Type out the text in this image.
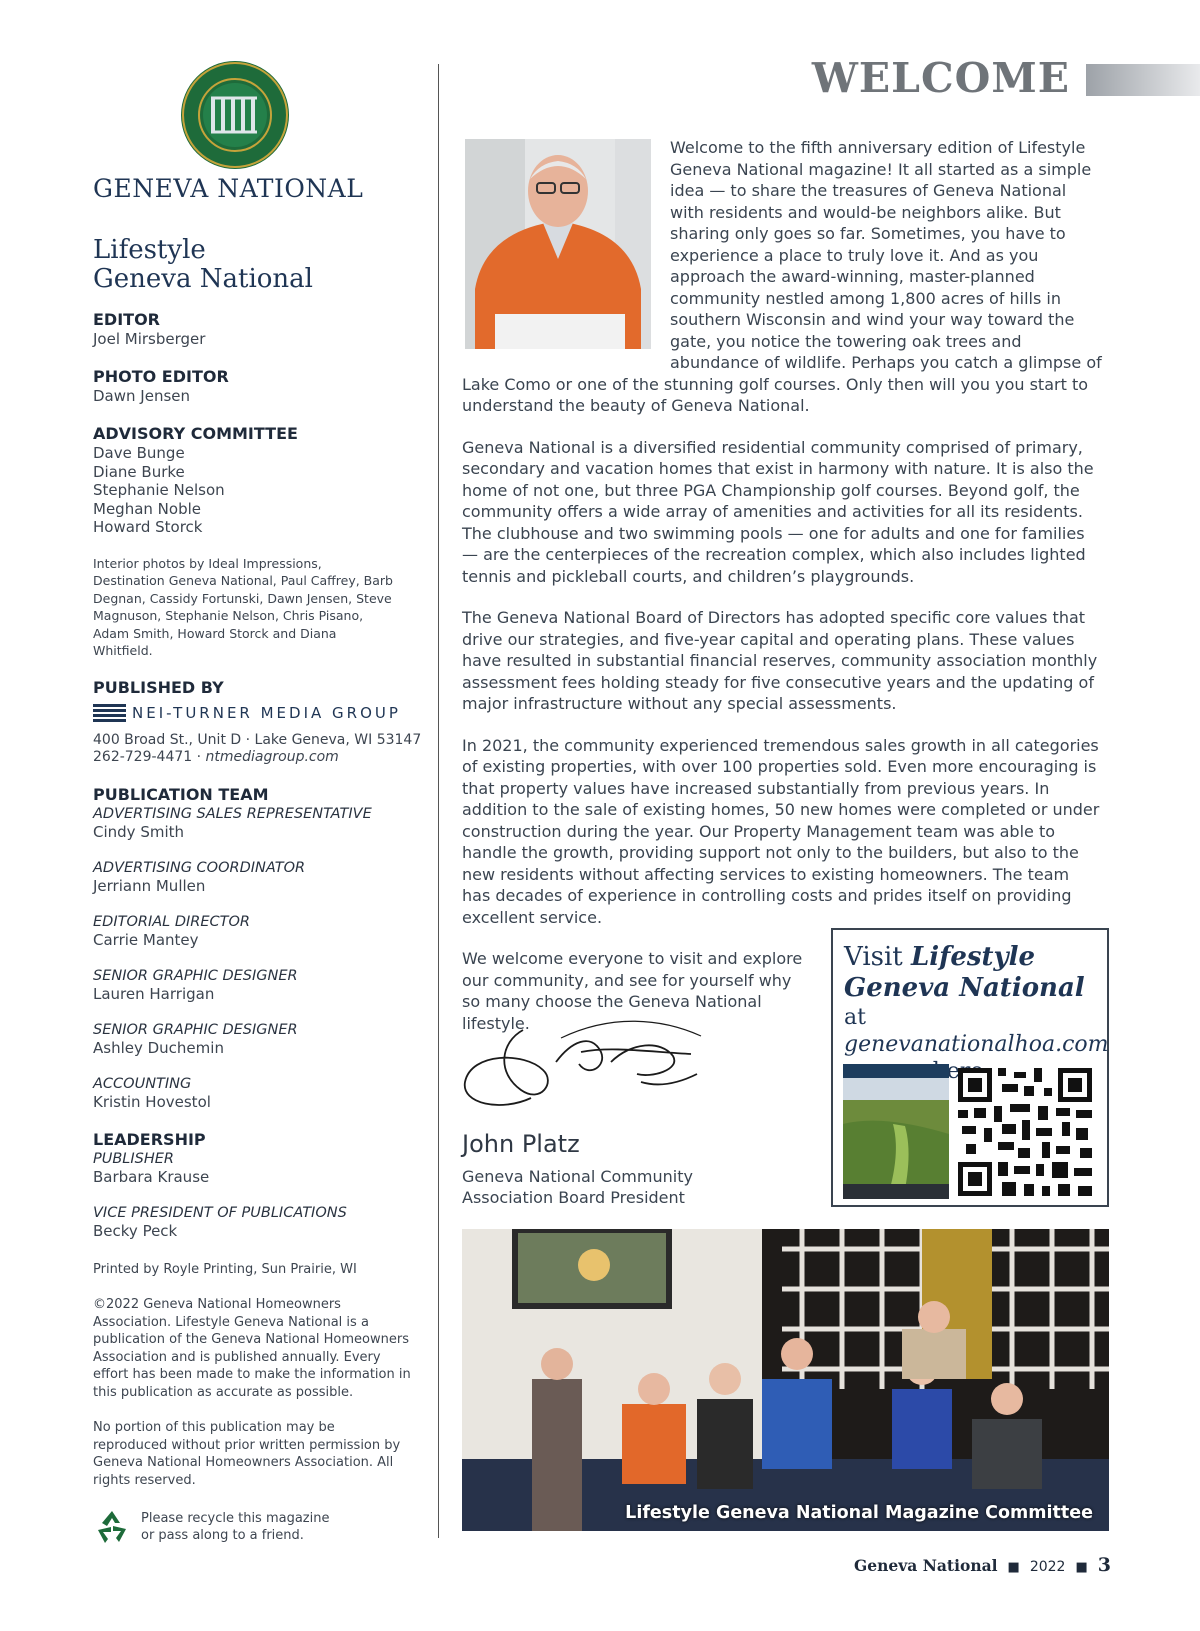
GENEVA NATIONAL
Lifestyle
Geneva National
EDITOR
Joel Mirsberger
PHOTO EDITOR
Dawn Jensen
ADVISORY COMMITTEE
Dave Bunge
Diane Burke
Stephanie Nelson
Meghan Noble
Howard Storck
Interior photos by Ideal Impressions, Destination Geneva National, Paul Caffrey, Barb Degnan, Cassidy Fortunski, Dawn Jensen, Steve Magnuson, Stephanie Nelson, Chris Pisano, Adam Smith, Howard Storck and Diana Whitfield.
PUBLISHED BY
NEI-TURNER MEDIA GROUP
400 Broad St., Unit D · Lake Geneva, WI 53147
262-729-4471 · ntmediagroup.com
PUBLICATION TEAM
ADVERTISING SALES REPRESENTATIVE
Cindy Smith
ADVERTISING COORDINATOR
Jerriann Mullen
EDITORIAL DIRECTOR
Carrie Mantey
SENIOR GRAPHIC DESIGNER
Lauren Harrigan
SENIOR GRAPHIC DESIGNER
Ashley Duchemin
ACCOUNTING
Kristin Hovestol
LEADERSHIP
PUBLISHER
Barbara Krause
VICE PRESIDENT OF PUBLICATIONS
Becky Peck
Printed by Royle Printing, Sun Prairie, WI
©2022 Geneva National Homeowners Association. Lifestyle Geneva National is a publication of the Geneva National Homeowners Association and is published annually. Every effort has been made to make the information in this publication as accurate as possible.
No portion of this publication may be reproduced without prior written permission by Geneva National Homeowners Association. All rights reserved.
Please recycle this magazine
or pass along to a friend.
WELCOME

Welcome to the fifth anniversary edition of Lifestyle Geneva National magazine! It all started as a simple idea — to share the treasures of Geneva National with residents and would-be neighbors alike. But sharing only goes so far. Sometimes, you have to experience a place to truly love it. And as you approach the award-winning, master-planned community nestled among 1,800 acres of hills in southern Wisconsin and wind your way toward the gate, you notice the towering oak trees and abundance of wildlife. Perhaps you catch a glimpse of Lake Como or one of the stunning golf courses. Only then will you you start to understand the beauty of Geneva National.

Geneva National is a diversified residential community comprised of primary, secondary and vacation homes that exist in harmony with nature. It is also the home of not one, but three PGA Championship golf courses. Beyond golf, the community offers a wide array of amenities and activities for all its residents. The clubhouse and two swimming pools — one for adults and one for families — are the centerpieces of the recreation complex, which also includes lighted tennis and pickleball courts, and children’s playgrounds.

The Geneva National Board of Directors has adopted specific core values that drive our strategies, and five-year capital and operating plans. These values have resulted in substantial financial reserves, community association monthly assessment fees holding steady for five consecutive years and the updating of major infrastructure without any special assessments.

In 2021, the community experienced tremendous sales growth in all categories of existing properties, with over 100 properties sold. Even more encouraging is that property values have increased substantially from previous years. In addition to the sale of existing homes, 50 new homes were completed or under construction during the year. Our Property Management team was able to handle the growth, providing support not only to the builders, but also to the new residents without affecting services to existing homeowners. The team has decades of experience in controlling costs and prides itself on providing excellent service.

We welcome everyone to visit and explore our community, and see for yourself why so many choose the Geneva National lifestyle.

John Platz
Geneva National Community
Association Board President
Visit Lifestyle
Geneva National
at genevanationalhoa.com
Lifestyle Geneva National Magazine Committee
Geneva National ■ 2022 ■ 3
